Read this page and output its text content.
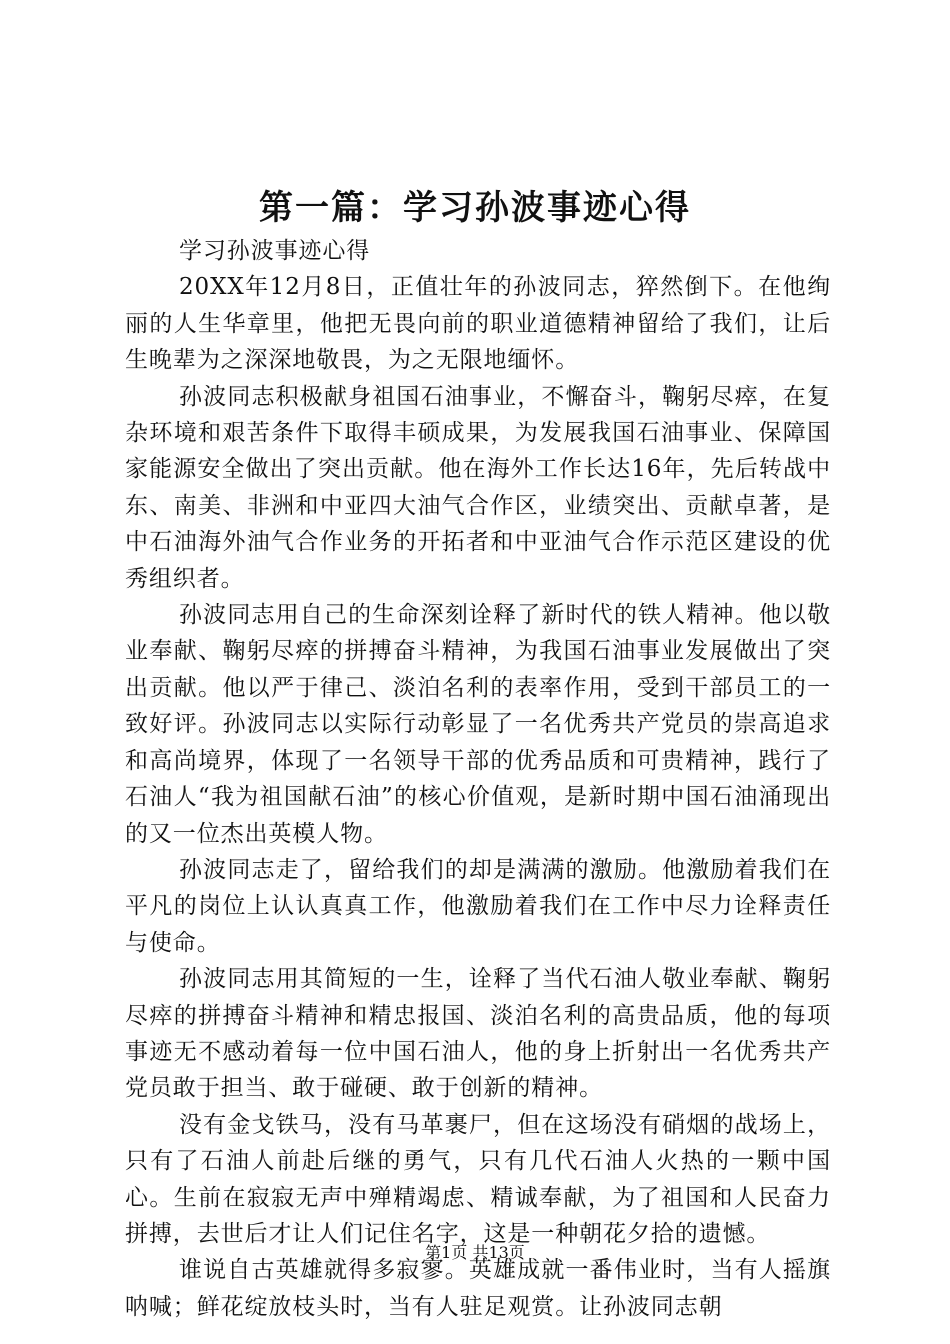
第一篇：学习孙波事迹心得

学习孙波事迹心得

20XX年12月8日，正值壮年的孙波同志，猝然倒下。在他绚丽的人生华章里，他把无畏向前的职业道德精神留给了我们，让后生晚辈为之深深地敬畏，为之无限地缅怀。

孙波同志积极献身祖国石油事业，不懈奋斗，鞠躬尽瘁，在复杂环境和艰苦条件下取得丰硕成果，为发展我国石油事业、保障国家能源安全做出了突出贡献。他在海外工作长达16年，先后转战中东、南美、非洲和中亚四大油气合作区，业绩突出、贡献卓著，是中石油海外油气合作业务的开拓者和中亚油气合作示范区建设的优秀组织者。

孙波同志用自己的生命深刻诠释了新时代的铁人精神。他以敬业奉献、鞠躬尽瘁的拼搏奋斗精神，为我国石油事业发展做出了突出贡献。他以严于律己、淡泊名利的表率作用，受到干部员工的一致好评。孙波同志以实际行动彰显了一名优秀共产党员的崇高追求和高尚境界，体现了一名领导干部的优秀品质和可贵精神，践行了石油人“我为祖国献石油”的核心价值观，是新时期中国石油涌现出的又一位杰出英模人物。

孙波同志走了，留给我们的却是满满的激励。他激励着我们在平凡的岗位上认认真真工作，他激励着我们在工作中尽力诠释责任与使命。

孙波同志用其简短的一生，诠释了当代石油人敬业奉献、鞠躬尽瘁的拼搏奋斗精神和精忠报国、淡泊名利的高贵品质，他的每项事迹无不感动着每一位中国石油人，他的身上折射出一名优秀共产党员敢于担当、敢于碰硬、敢于创新的精神。

没有金戈铁马，没有马革裹尸，但在这场没有硝烟的战场上，只有了石油人前赴后继的勇气，只有几代石油人火热的一颗中国心。生前在寂寂无声中殚精竭虑、精诚奉献，为了祖国和人民奋力拼搏，去世后才让人们记住名字，这是一种朝花夕拾的遗憾。

谁说自古英雄就得多寂寥。英雄成就一番伟业时，当有人摇旗呐喊；鲜花绽放枝头时，当有人驻足观赏。让孙波同志朝

第1页 共13页
